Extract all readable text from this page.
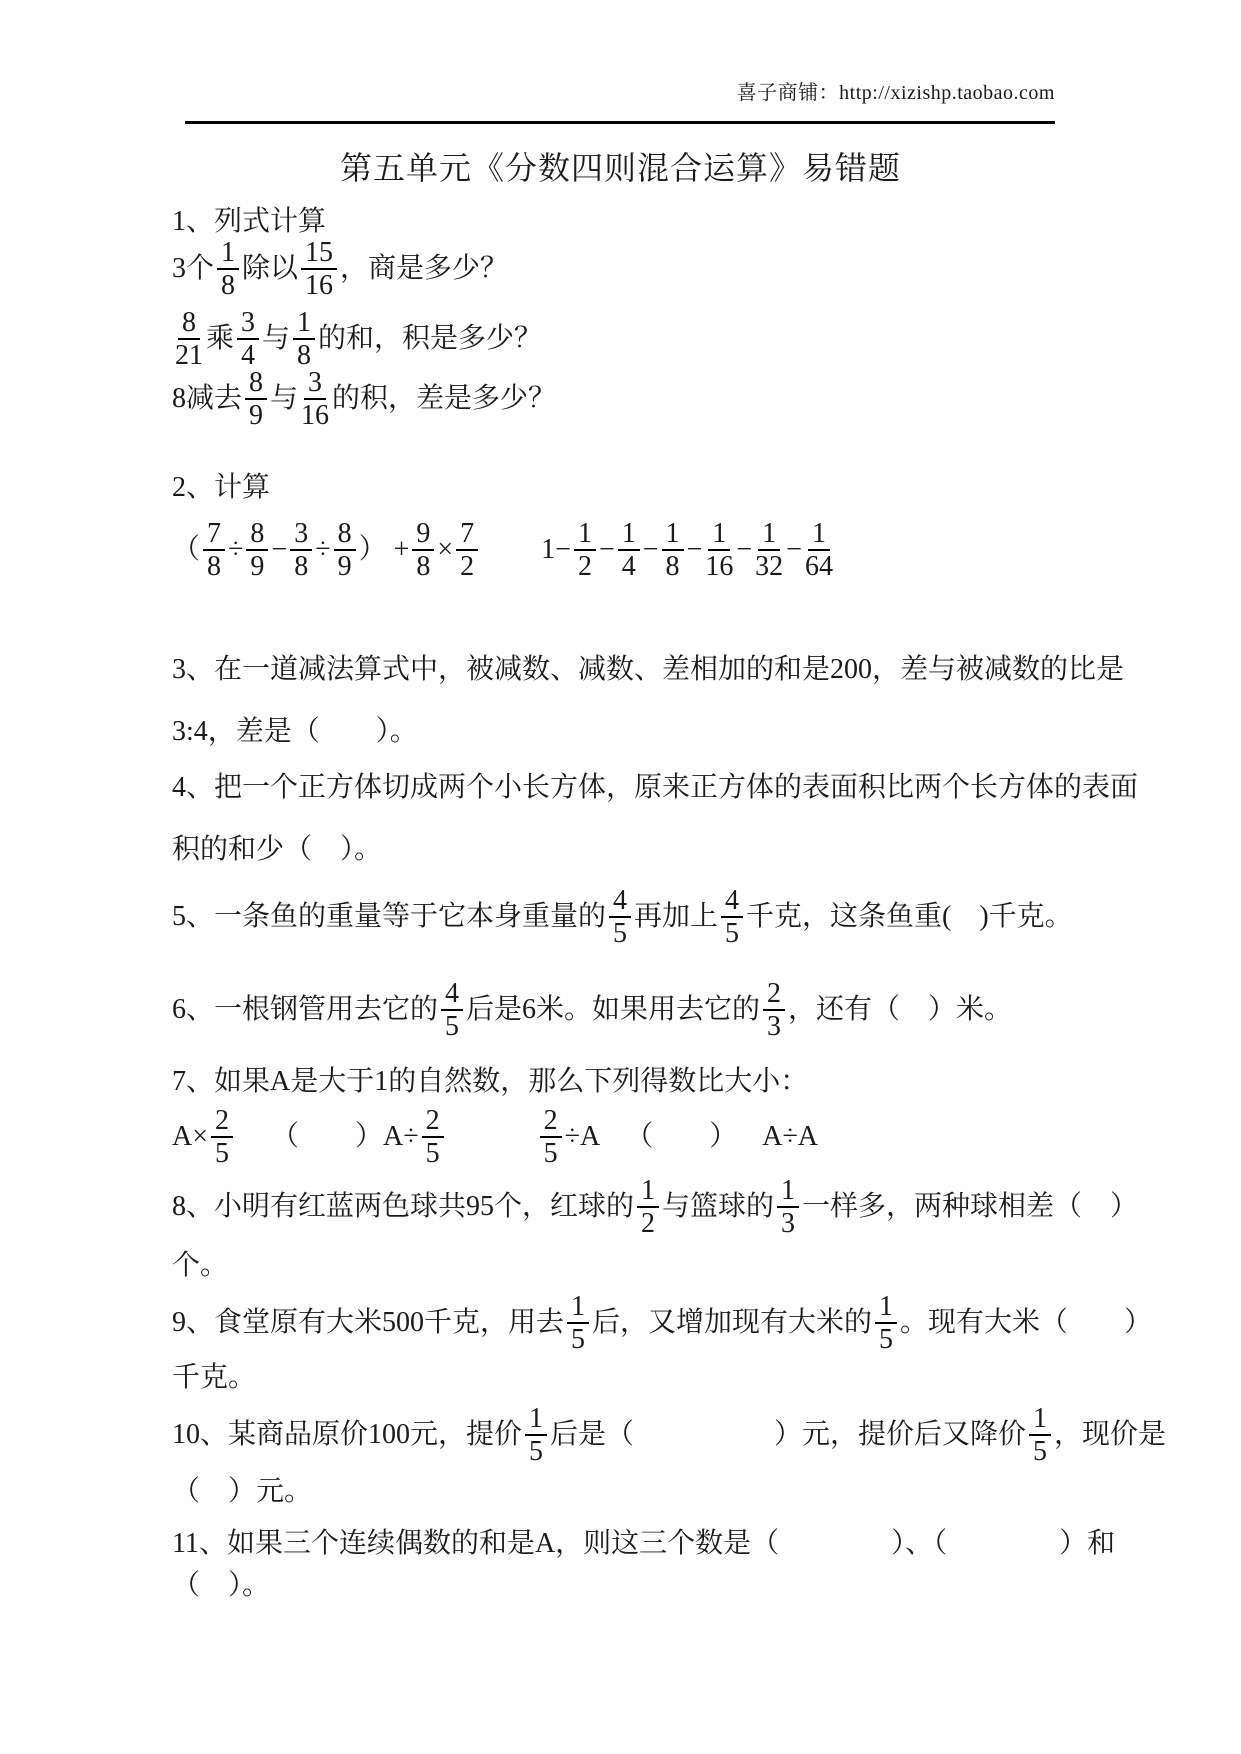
喜子商铺：http://xizishp.taobao.com
第五单元《分数四则混合运算》易错题
1、列式计算
3个 $\frac{1}{8}$ 除以 $\frac{15}{16}$ ，商是多少？
$\frac{8}{21}$ 乘 $\frac{3}{4}$ 与 $\frac{1}{8}$ 的和，积是多少？
8减去 $\frac{8}{9}$ 与 $\frac{3}{16}$ 的积，差是多少？
2、计算
（ $\frac{7}{8} \div \frac{8}{9} - \frac{3}{8} \div \frac{8}{9}$ ） + $\frac{9}{8} \times \frac{7}{2} 1- \frac{1}{2} - \frac{1}{4} - \frac{1}{8} - \frac{1}{16} - \frac{1}{32} - \frac{1}{64}$
3、在一道减法算式中，被减数、减数、差相加的和是200，差与被减数的比是
3:4，差是（　　）。
4、把一个正方体切成两个小长方体，原来正方体的表面积比两个长方体的表面
积的和少（　）。
5、一条鱼的重量等于它本身重量的 $\frac{4}{5}$ 再加上 $\frac{4}{5}$ 千克，这条鱼重(　)千克。
6、一根钢管用去它的 $\frac{4}{5}$ 后是6米。如果用去它的 $\frac{2}{3}$ ，还有（　）米。
7、如果A是大于1的自然数，那么下列得数比大小：
$A\times \frac{2}{5}$ （　　）$A\div \frac{2}{5}$	$\frac{2}{5} \div A$ （　　） A÷A
8、小明有红蓝两色球共95个，红球的 $\frac{1}{2}$ 与篮球的 $\frac{1}{3}$ 一样多，两种球相差（　）
个。
9、食堂原有大米500千克，用去 $\frac{1}{5}$ 后，又增加现有大米的 $\frac{1}{5}$ 。现有大米（　　）
千克。
10、某商品原价100元，提价 $\frac{1}{5}$ 后是（　　　　　）元，提价后又降价 $\frac{1}{5}$ ，现价是
（　）元。
11、如果三个连续偶数的和是A，则这三个数是（　　　　）、（　　　　）和
（　）。
